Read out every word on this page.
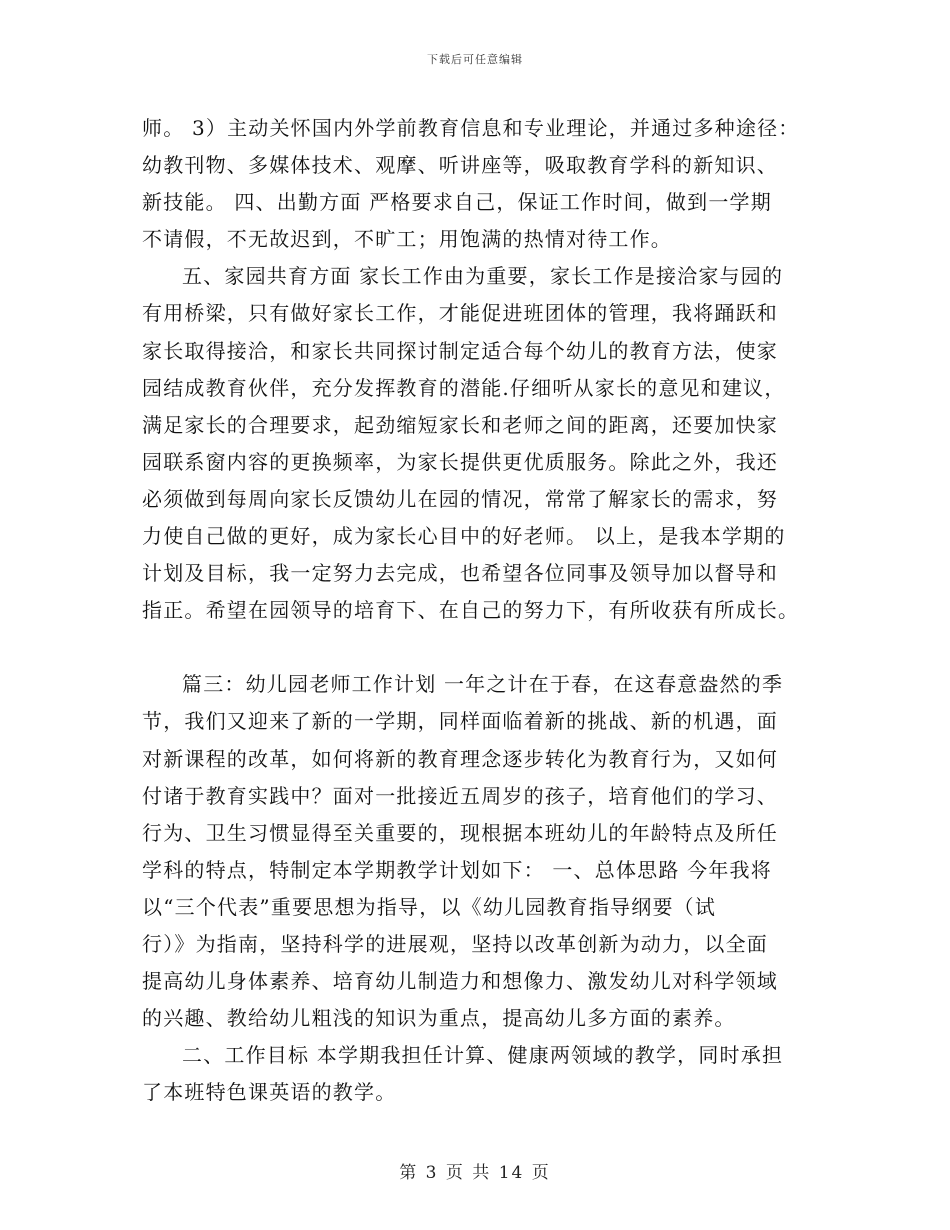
下载后可任意编辑
师。 3）主动关怀国内外学前教育信息和专业理论，并通过多种途径：
幼教刊物、多媒体技术、观摩、听讲座等，吸取教育学科的新知识、
新技能。 四、出勤方面 严格要求自己，保证工作时间，做到一学期
不请假，不无故迟到，不旷工；用饱满的热情对待工作。
五、家园共育方面 家长工作由为重要，家长工作是接洽家与园的
有用桥梁，只有做好家长工作，才能促进班团体的管理，我将踊跃和
家长取得接洽，和家长共同探讨制定适合每个幼儿的教育方法，使家
园结成教育伙伴，充分发挥教育的潜能.仔细听从家长的意见和建议，
满足家长的合理要求，起劲缩短家长和老师之间的距离，还要加快家
园联系窗内容的更换频率，为家长提供更优质服务。除此之外，我还
必须做到每周向家长反馈幼儿在园的情况，常常了解家长的需求，努
力使自己做的更好，成为家长心目中的好老师。 以上，是我本学期的
计划及目标，我一定努力去完成，也希望各位同事及领导加以督导和
指正。希望在园领导的培育下、在自己的努力下，有所收获有所成长。
篇三：幼儿园老师工作计划 一年之计在于春，在这春意盎然的季
节，我们又迎来了新的一学期，同样面临着新的挑战、新的机遇，面
对新课程的改革，如何将新的教育理念逐步转化为教育行为，又如何
付诸于教育实践中？面对一批接近五周岁的孩子，培育他们的学习、
行为、卫生习惯显得至关重要的，现根据本班幼儿的年龄特点及所任
学科的特点，特制定本学期教学计划如下： 一、总体思路 今年我将
以“三个代表”重要思想为指导，以《幼儿园教育指导纲要（试
行）》为指南，坚持科学的进展观，坚持以改革创新为动力，以全面
提高幼儿身体素养、培育幼儿制造力和想像力、激发幼儿对科学领域
的兴趣、教给幼儿粗浅的知识为重点，提高幼儿多方面的素养。
二、工作目标 本学期我担任计算、健康两领域的教学，同时承担
了本班特色课英语的教学。
第 3 页 共 14 页
